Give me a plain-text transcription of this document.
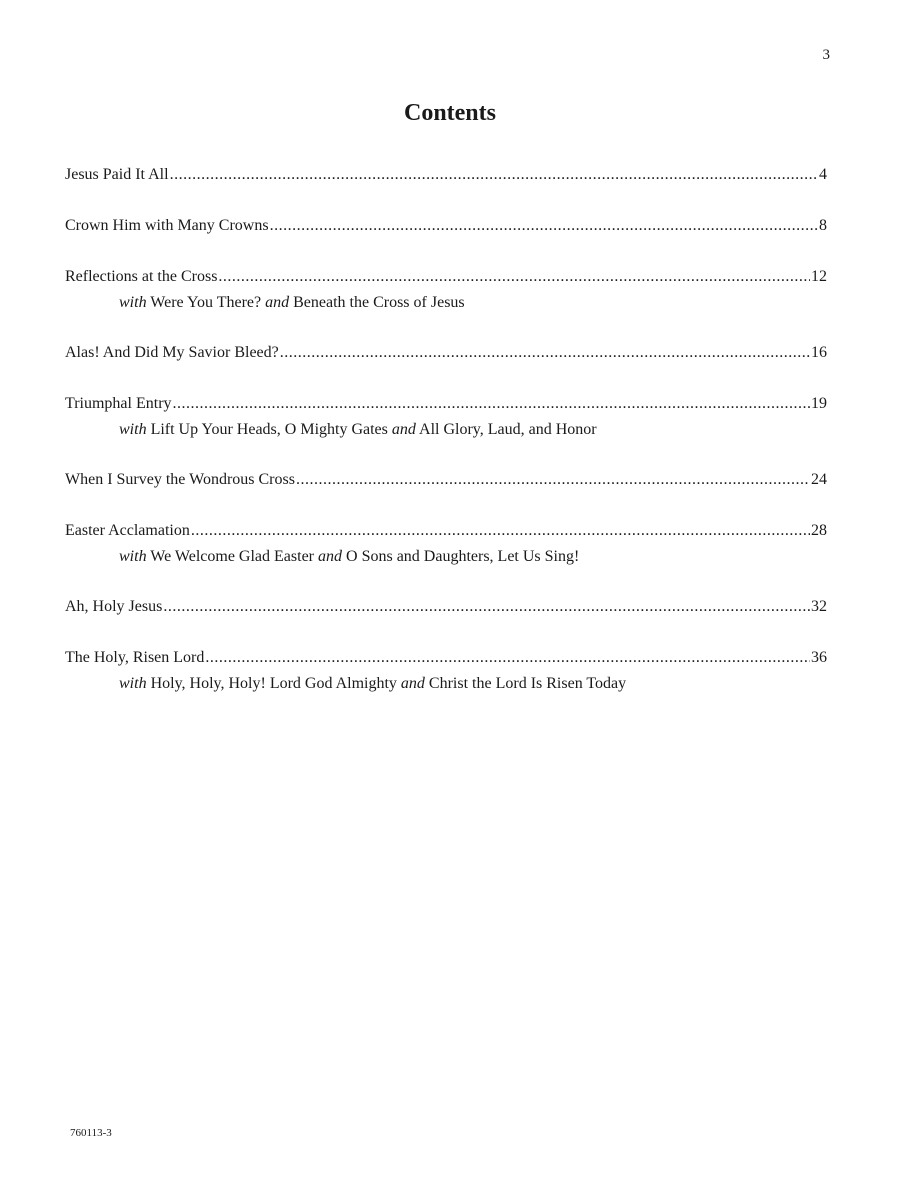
3
Contents
Jesus Paid It All .....	4
Crown Him with Many Crowns .....	8
Reflections at the Cross .....	12
with Were You There? and Beneath the Cross of Jesus
Alas! And Did My Savior Bleed? .....	16
Triumphal Entry .....	19
with Lift Up Your Heads, O Mighty Gates and All Glory, Laud, and Honor
When I Survey the Wondrous Cross .....	24
Easter Acclamation .....	28
with We Welcome Glad Easter and O Sons and Daughters, Let Us Sing!
Ah, Holy Jesus .....	32
The Holy, Risen Lord .....	36
with Holy, Holy, Holy! Lord God Almighty and Christ the Lord Is Risen Today
760113-3
